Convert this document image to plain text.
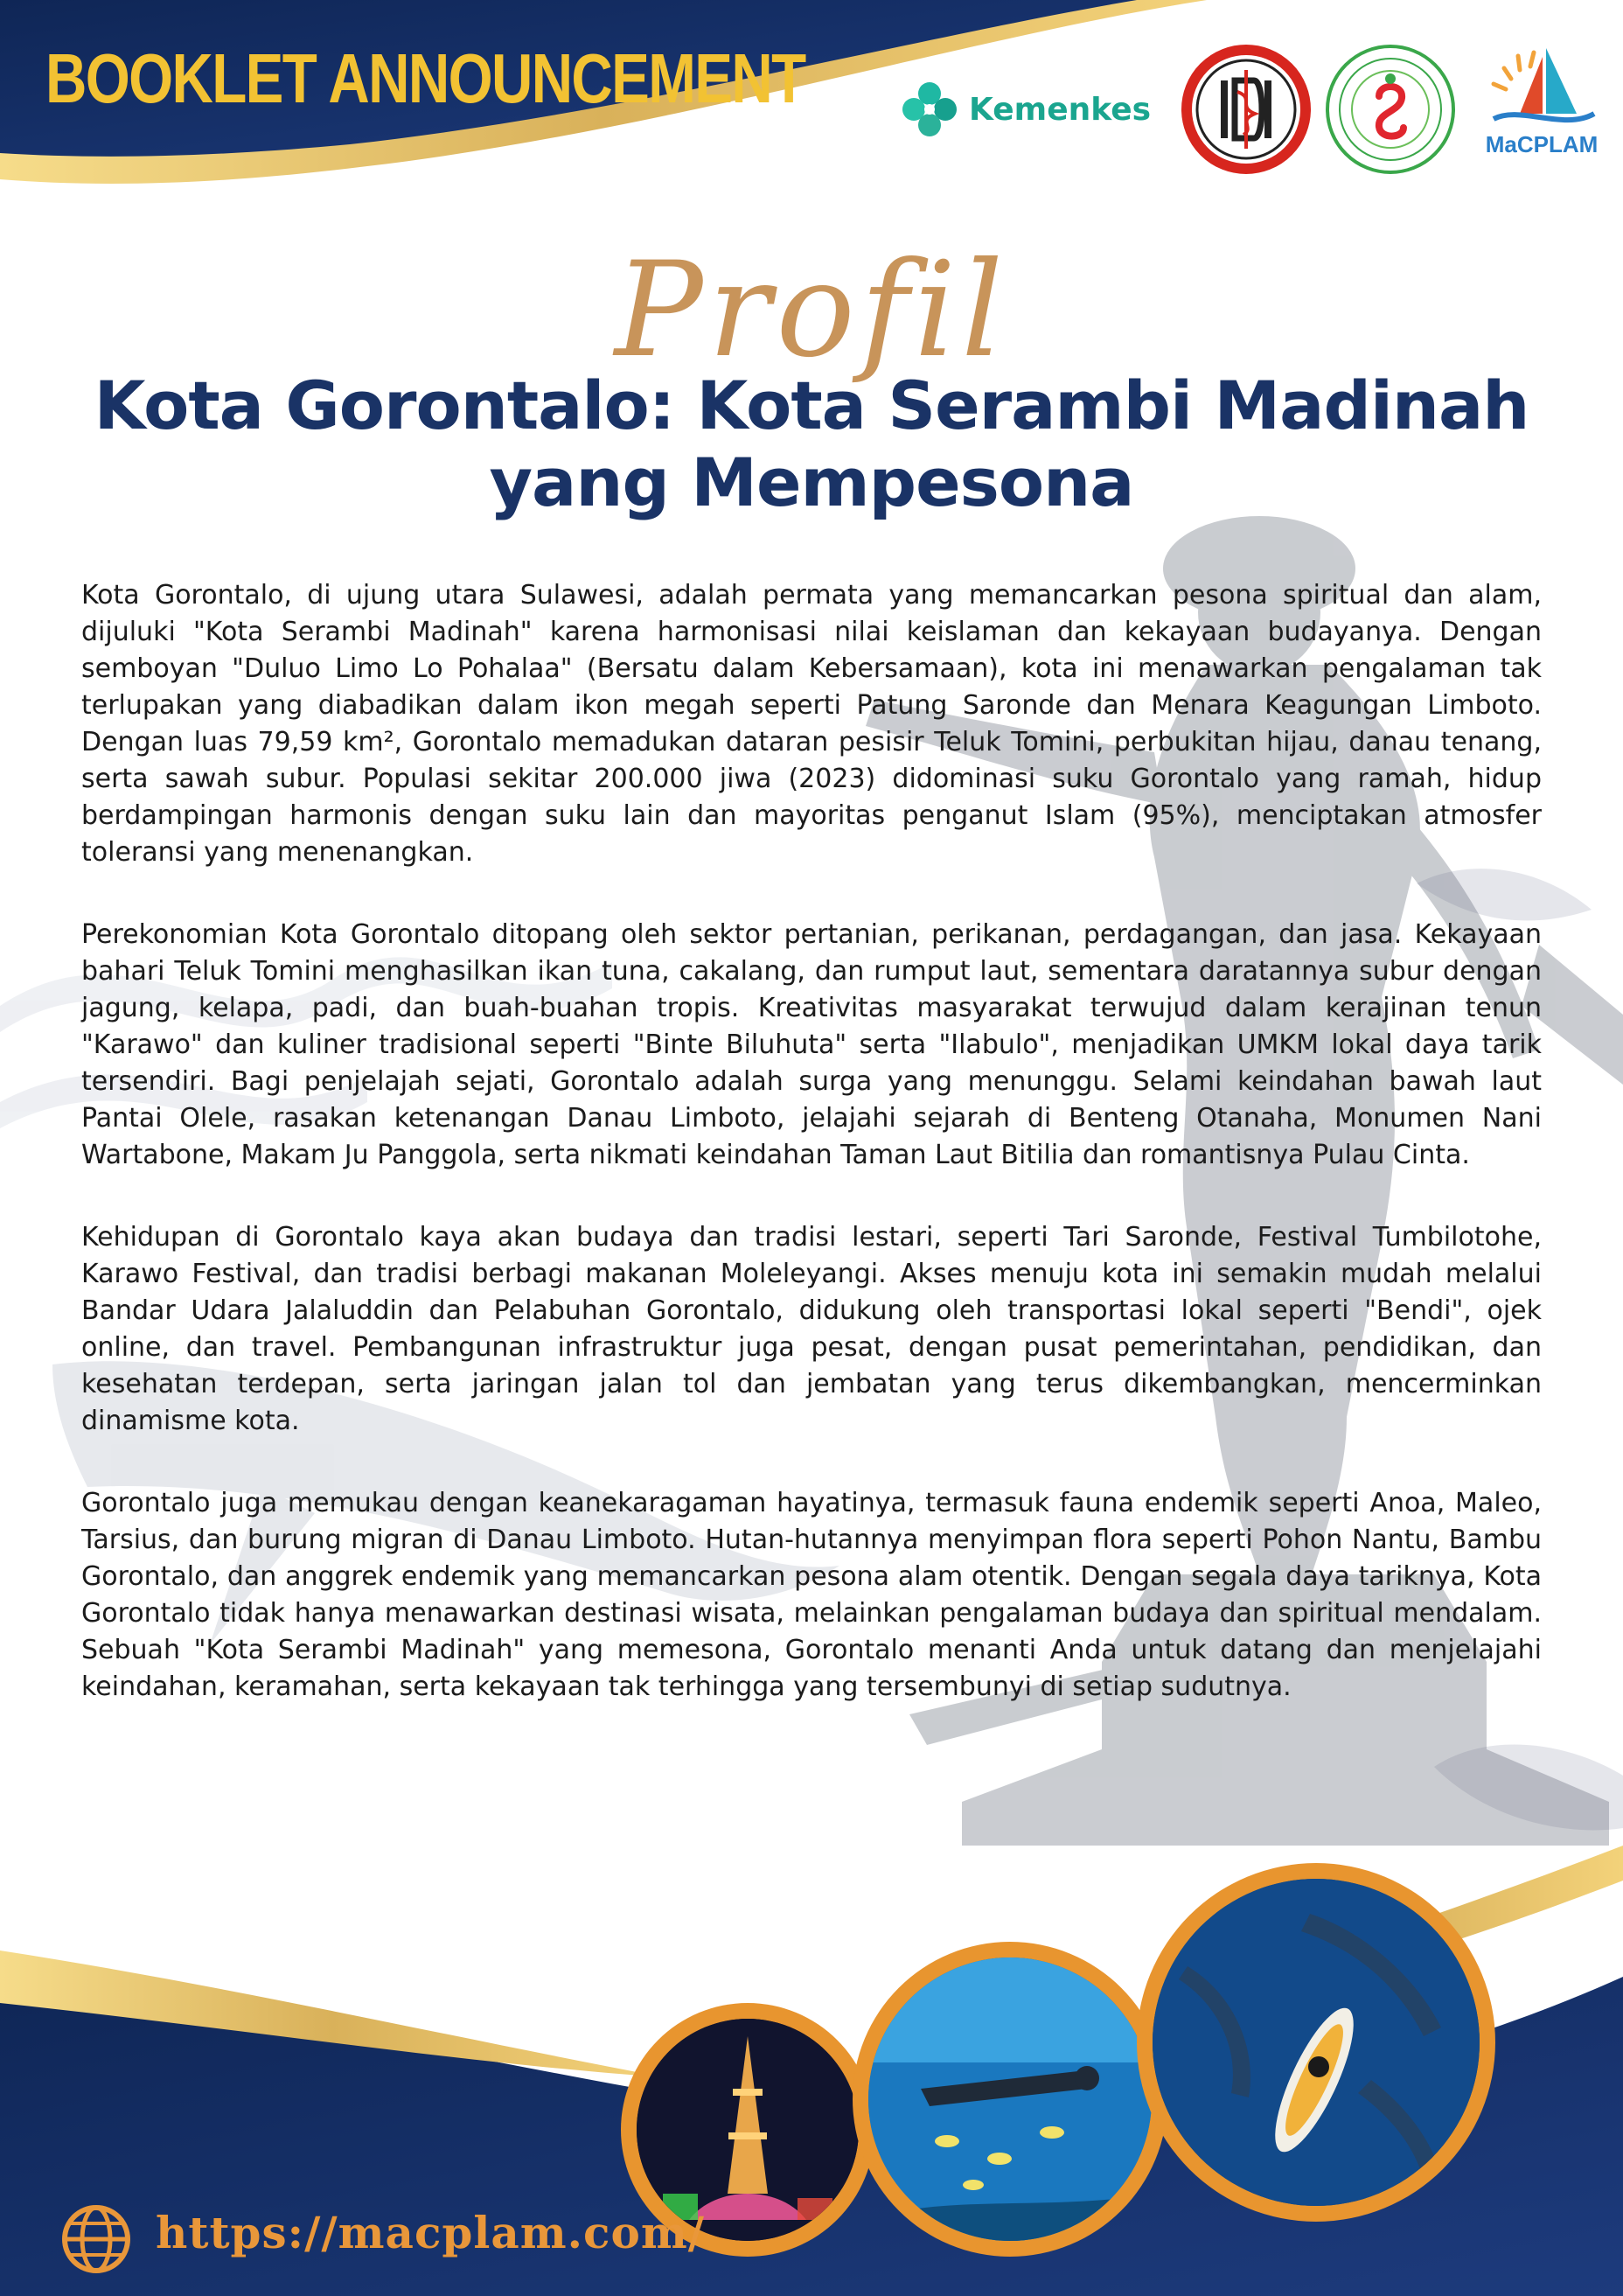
BOOKLET ANNOUNCEMENT	Kemenkes
MaCPLAM
Profil
Kota Gorontalo: Kota Serambi Madinah yang Mempesona

Kota Gorontalo, di ujung utara Sulawesi, adalah permata yang memancarkan pesona spiritual dan alam, dijuluki "Kota Serambi Madinah" karena harmonisasi nilai keislaman dan kekayaan budayanya. Dengan semboyan "Duluo Limo Lo Pohalaa" (Bersatu dalam Kebersamaan), kota ini menawarkan pengalaman tak terlupakan yang diabadikan dalam ikon megah seperti Patung Saronde dan Menara Keagungan Limboto. Dengan luas 79,59 km², Gorontalo memadukan dataran pesisir Teluk Tomini, perbukitan hijau, danau tenang, serta sawah subur. Populasi sekitar 200.000 jiwa (2023) didominasi suku Gorontalo yang ramah, hidup berdampingan harmonis dengan suku lain dan mayoritas penganut Islam (95%), menciptakan atmosfer toleransi yang menenangkan.

Perekonomian Kota Gorontalo ditopang oleh sektor pertanian, perikanan, perdagangan, dan jasa. Kekayaan bahari Teluk Tomini menghasilkan ikan tuna, cakalang, dan rumput laut, sementara daratannya subur dengan jagung, kelapa, padi, dan buah-buahan tropis. Kreativitas masyarakat terwujud dalam kerajinan tenun "Karawo" dan kuliner tradisional seperti "Binte Biluhuta" serta "Ilabulo", menjadikan UMKM lokal daya tarik tersendiri. Bagi penjelajah sejati, Gorontalo adalah surga yang menunggu. Selami keindahan bawah laut Pantai Olele, rasakan ketenangan Danau Limboto, jelajahi sejarah di Benteng Otanaha, Monumen Nani Wartabone, Makam Ju Panggola, serta nikmati keindahan Taman Laut Bitilia dan romantisnya Pulau Cinta.

Kehidupan di Gorontalo kaya akan budaya dan tradisi lestari, seperti Tari Saronde, Festival Tumbilotohe, Karawo Festival, dan tradisi berbagi makanan Moleleyangi. Akses menuju kota ini semakin mudah melalui Bandar Udara Jalaluddin dan Pelabuhan Gorontalo, didukung oleh transportasi lokal seperti "Bendi", ojek online, dan travel. Pembangunan infrastruktur juga pesat, dengan pusat pemerintahan, pendidikan, dan kesehatan terdepan, serta jaringan jalan tol dan jembatan yang terus dikembangkan, mencerminkan dinamisme kota.

Gorontalo juga memukau dengan keanekaragaman hayatinya, termasuk fauna endemik seperti Anoa, Maleo, Tarsius, dan burung migran di Danau Limboto. Hutan-hutannya menyimpan flora seperti Pohon Nantu, Bambu Gorontalo, dan anggrek endemik yang memancarkan pesona alam otentik. Dengan segala daya tariknya, Kota Gorontalo tidak hanya menawarkan destinasi wisata, melainkan pengalaman budaya dan spiritual mendalam. Sebuah "Kota Serambi Madinah" yang memesona, Gorontalo menanti Anda untuk datang dan menjelajahi keindahan, keramahan, serta kekayaan tak terhingga yang tersembunyi di setiap sudutnya.

https://macplam.com/
